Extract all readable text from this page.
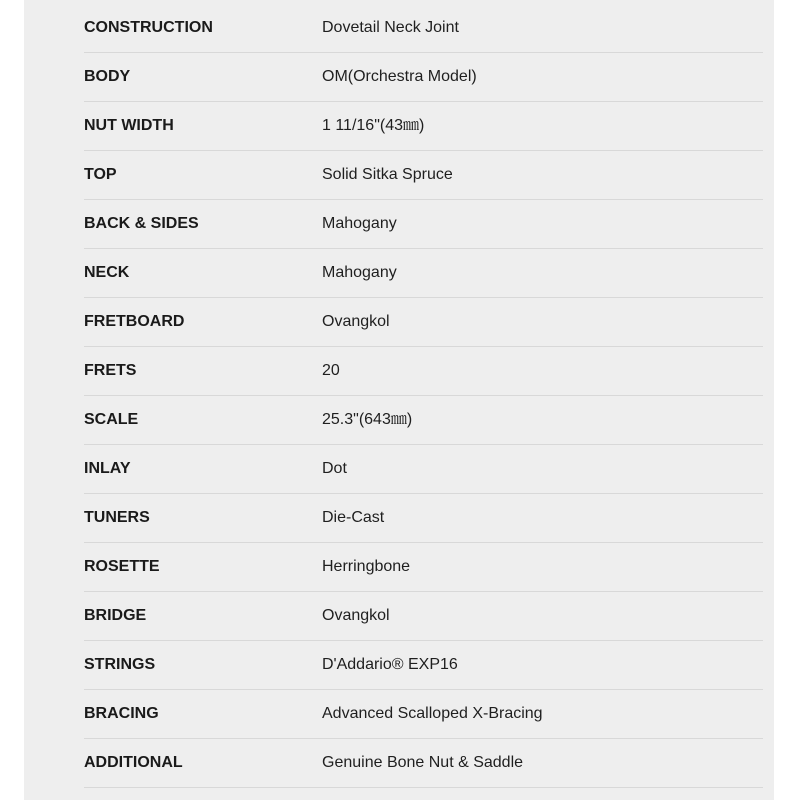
CONSTRUCTION	Dovetail Neck Joint
BODY	OM(Orchestra Model)
NUT WIDTH	1 11/16"(43㎜)
TOP	Solid Sitka Spruce
BACK & SIDES	Mahogany
NECK	Mahogany
FRETBOARD	Ovangkol
FRETS	20
SCALE	25.3"(643㎜)
INLAY	Dot
TUNERS	Die-Cast
ROSETTE	Herringbone
BRIDGE	Ovangkol
STRINGS	D'Addario® EXP16
BRACING	Advanced Scalloped X-Bracing
ADDITIONAL	Genuine Bone Nut & Saddle
